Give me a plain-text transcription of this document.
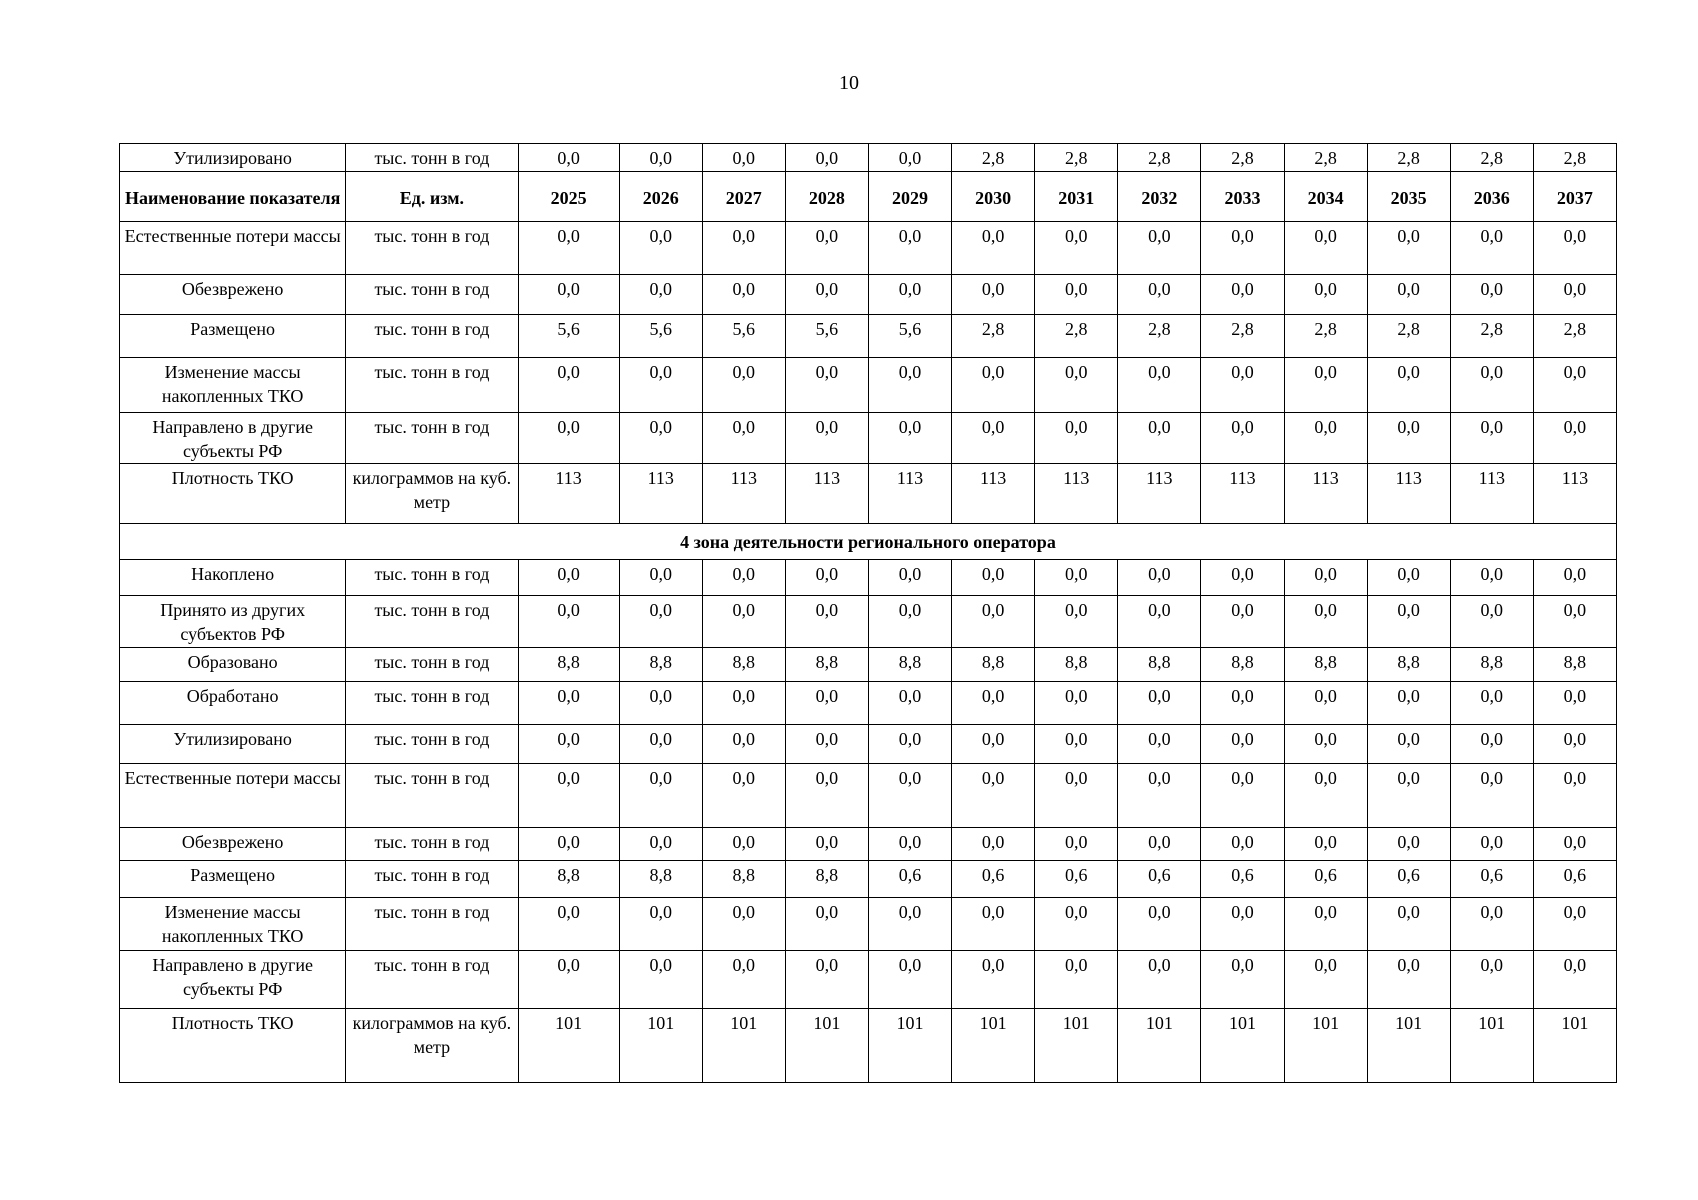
10
Утилизировано	тыс. тонн в год	0,0	0,0	0,0	0,0	0,0	2,8	2,8	2,8	2,8	2,8	2,8	2,8	2,8
Наименование показателя	Ед. изм.	2025	2026	2027	2028	2029	2030	2031	2032	2033	2034	2035	2036	2037
Естественные потери массы	тыс. тонн в год	0,0	0,0	0,0	0,0	0,0	0,0	0,0	0,0	0,0	0,0	0,0	0,0	0,0
Обезврежено	тыс. тонн в год	0,0	0,0	0,0	0,0	0,0	0,0	0,0	0,0	0,0	0,0	0,0	0,0	0,0
Размещено	тыс. тонн в год	5,6	5,6	5,6	5,6	5,6	2,8	2,8	2,8	2,8	2,8	2,8	2,8	2,8
Изменение массы накопленных ТКО	тыс. тонн в год	0,0	0,0	0,0	0,0	0,0	0,0	0,0	0,0	0,0	0,0	0,0	0,0	0,0
Направлено в другие субъекты РФ	тыс. тонн в год	0,0	0,0	0,0	0,0	0,0	0,0	0,0	0,0	0,0	0,0	0,0	0,0	0,0
Плотность ТКО	килограммов на куб. метр	113	113	113	113	113	113	113	113	113	113	113	113	113
4 зона деятельности регионального оператора														
Накоплено	тыс. тонн в год	0,0	0,0	0,0	0,0	0,0	0,0	0,0	0,0	0,0	0,0	0,0	0,0	0,0
Принято из других субъектов РФ	тыс. тонн в год	0,0	0,0	0,0	0,0	0,0	0,0	0,0	0,0	0,0	0,0	0,0	0,0	0,0
Образовано	тыс. тонн в год	8,8	8,8	8,8	8,8	8,8	8,8	8,8	8,8	8,8	8,8	8,8	8,8	8,8
Обработано	тыс. тонн в год	0,0	0,0	0,0	0,0	0,0	0,0	0,0	0,0	0,0	0,0	0,0	0,0	0,0
Утилизировано	тыс. тонн в год	0,0	0,0	0,0	0,0	0,0	0,0	0,0	0,0	0,0	0,0	0,0	0,0	0,0
Естественные потери массы	тыс. тонн в год	0,0	0,0	0,0	0,0	0,0	0,0	0,0	0,0	0,0	0,0	0,0	0,0	0,0
Обезврежено	тыс. тонн в год	0,0	0,0	0,0	0,0	0,0	0,0	0,0	0,0	0,0	0,0	0,0	0,0	0,0
Размещено	тыс. тонн в год	8,8	8,8	8,8	8,8	0,6	0,6	0,6	0,6	0,6	0,6	0,6	0,6	0,6
Изменение массы накопленных ТКО	тыс. тонн в год	0,0	0,0	0,0	0,0	0,0	0,0	0,0	0,0	0,0	0,0	0,0	0,0	0,0
Направлено в другие субъекты РФ	тыс. тонн в год	0,0	0,0	0,0	0,0	0,0	0,0	0,0	0,0	0,0	0,0	0,0	0,0	0,0
Плотность ТКО	килограммов на куб. метр	101	101	101	101	101	101	101	101	101	101	101	101	101
